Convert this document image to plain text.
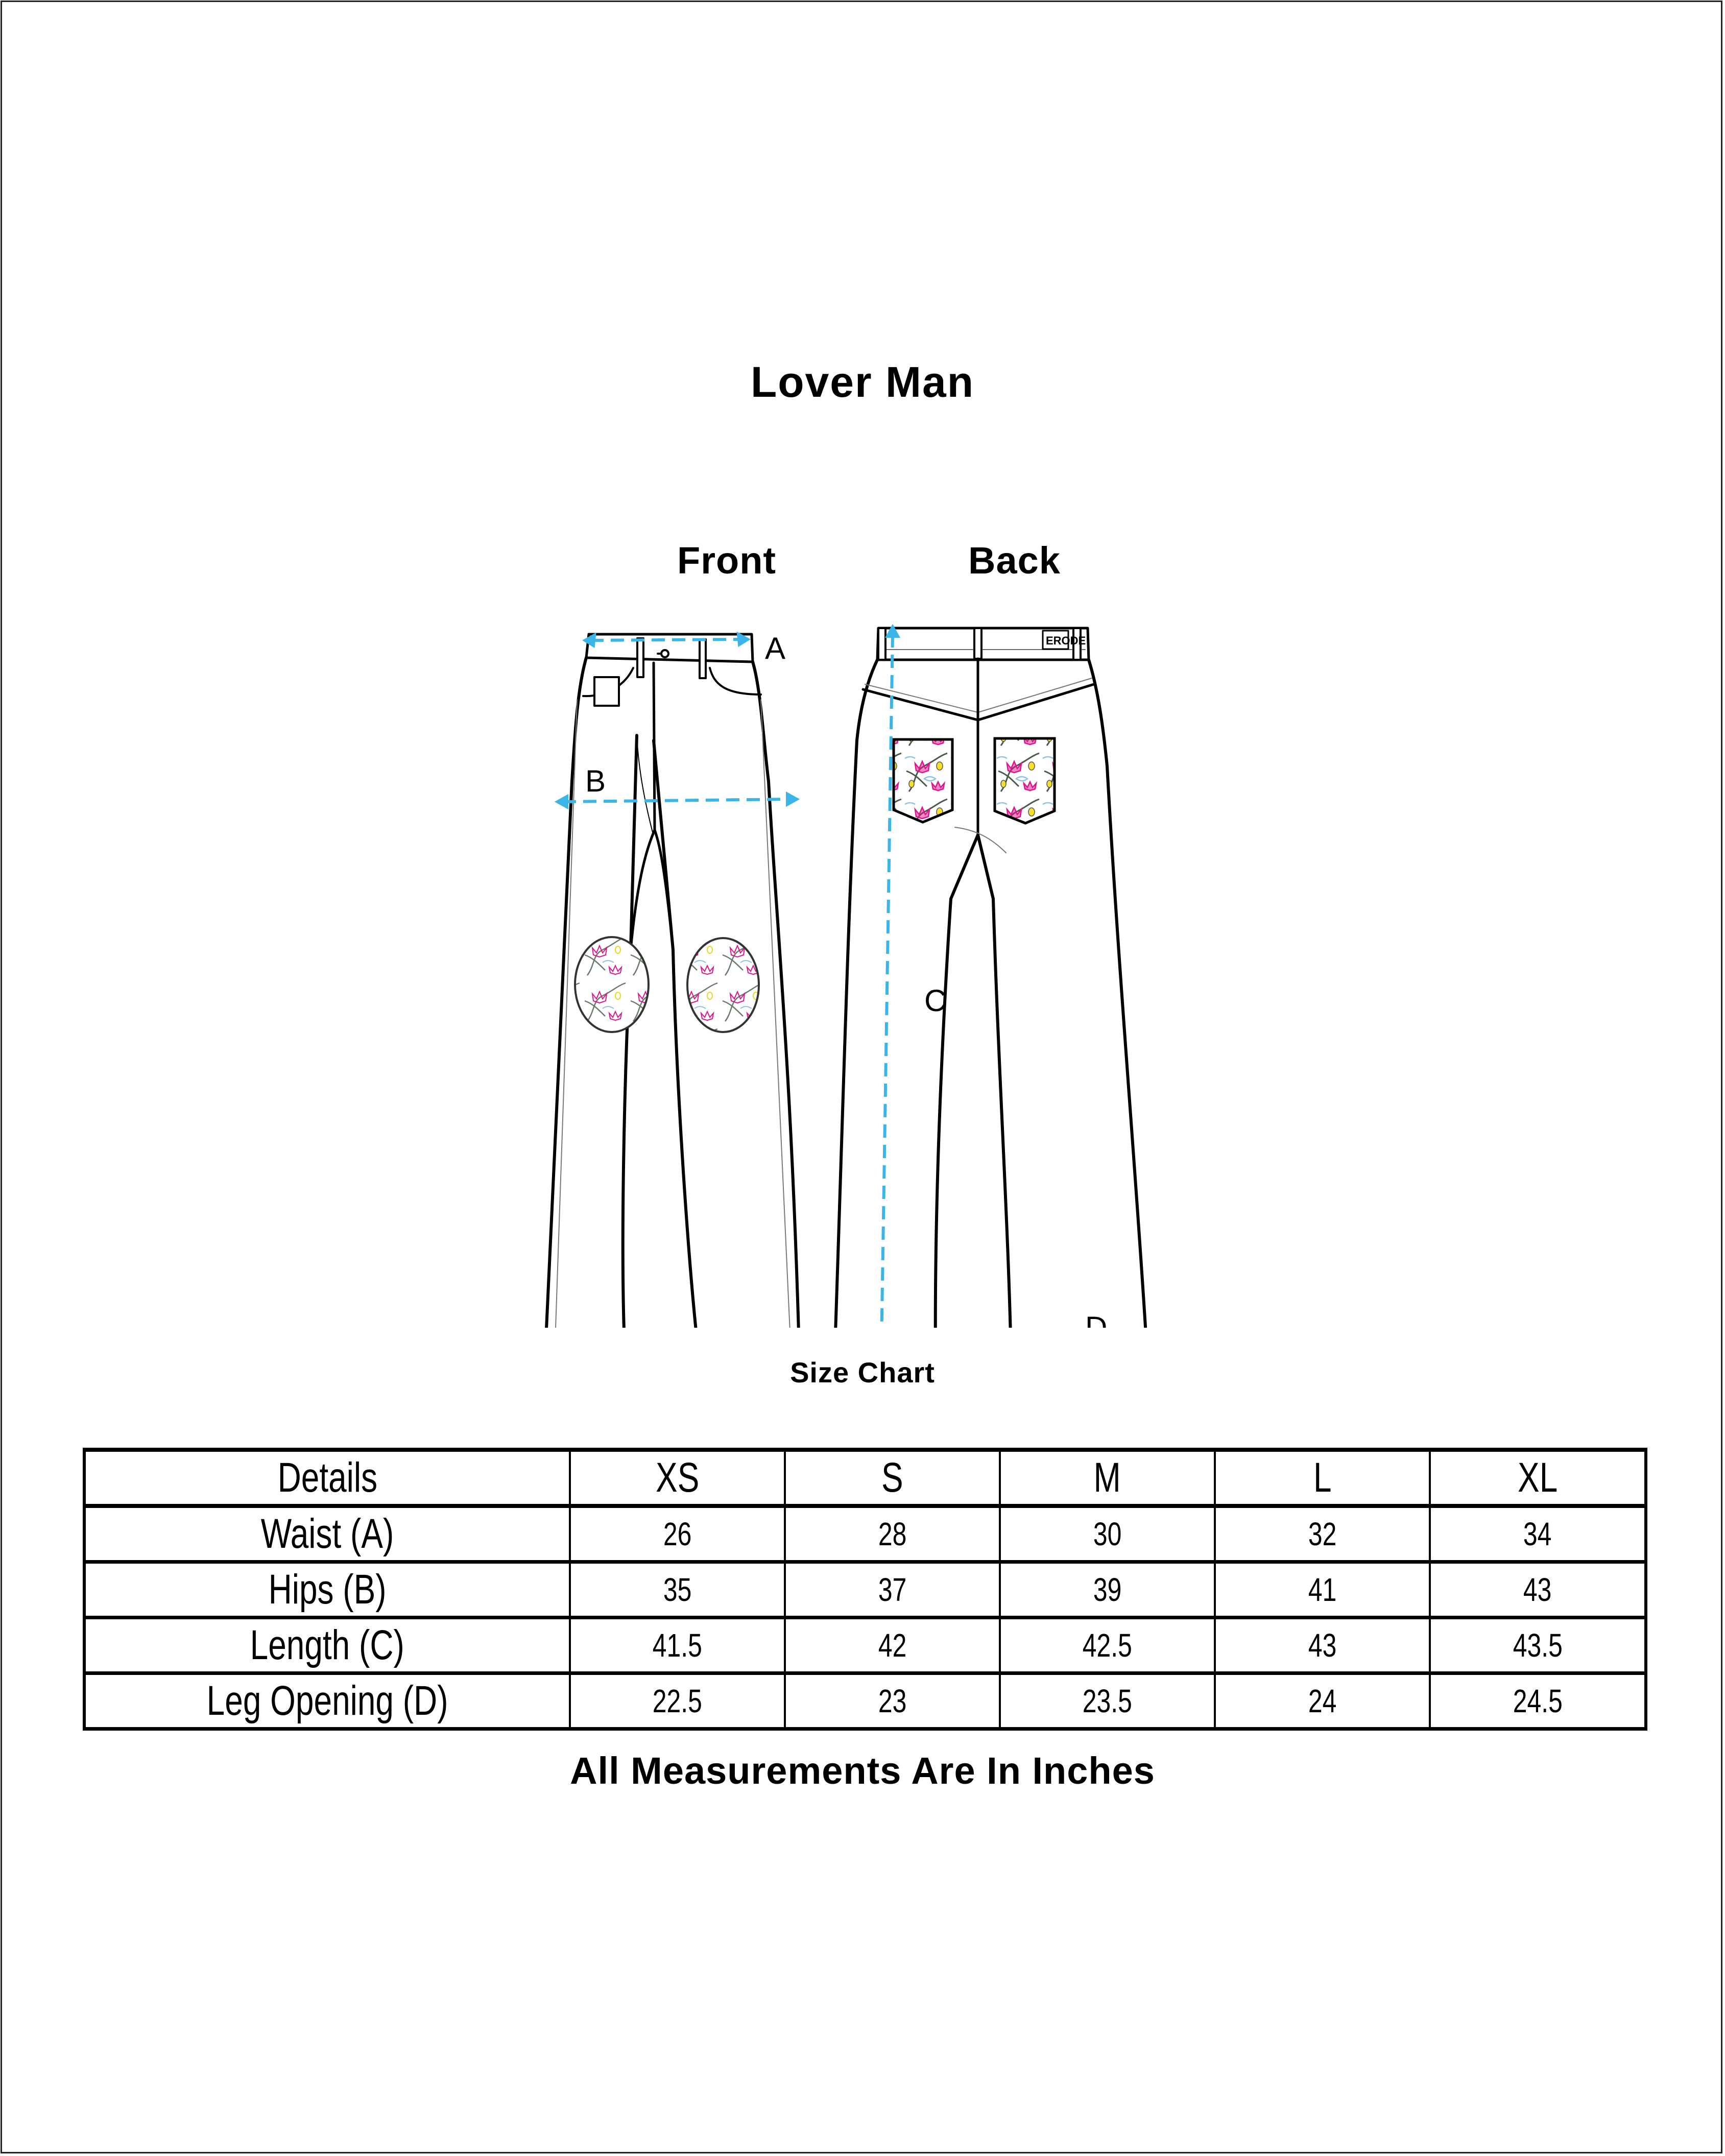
Lover Man
Front	Back
A
B
ERODE
C
D
Size Chart
Details	XS	S	M	L	XL
Waist (A)	26	28	30	32	34
Hips (B)	35	37	39	41	43
Length (C)	41.5	42	42.5	43	43.5
Leg Opening (D)	22.5	23	23.5	24	24.5
All Measurements Are In Inches
